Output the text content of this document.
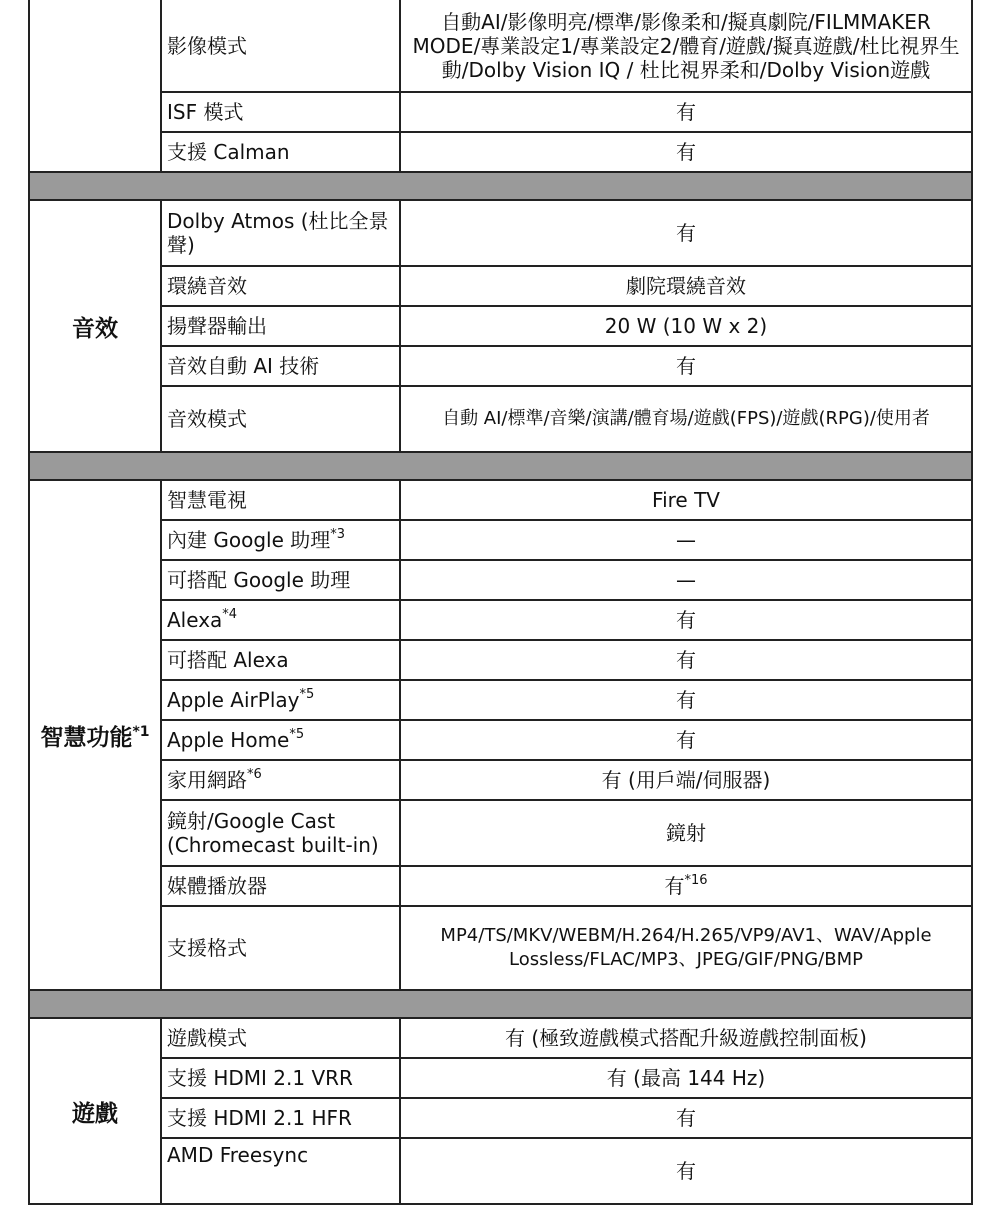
	影像模式	自動AI/影像明亮/標準/影像柔和/擬真劇院/FILMMAKER MODE/專業設定1/專業設定2/體育/遊戲/擬真遊戲/杜比視界生動/Dolby Vision IQ / 杜比視界柔和/Dolby Vision遊戲
	ISF 模式	有
	支援 Calman	有

音效	Dolby Atmos (杜比全景聲)	有
	環繞音效	劇院環繞音效
	揚聲器輸出	20 W (10 W x 2)
	音效自動 AI 技術	有
	音效模式	自動 AI/標準/音樂/演講/體育場/遊戲(FPS)/遊戲(RPG)/使用者

智慧功能$^{*1}$	智慧電視	Fire TV
	內建 Google 助理$^{*3}$	—
	可搭配 Google 助理	—
	Alexa$^{*4}$	有
	可搭配 Alexa	有
	Apple AirPlay$^{*5}$	有
	Apple Home$^{*5}$	有
	家用網路$^{*6}$	有 (用戶端/伺服器)
	鏡射/Google Cast (Chromecast built-in)	鏡射
	媒體播放器	有$^{*16}$
	支援格式	MP4/TS/MKV/WEBM/H.264/H.265/VP9/AV1、WAV/Apple Lossless/FLAC/MP3、JPEG/GIF/PNG/BMP

遊戲	遊戲模式	有 (極致遊戲模式搭配升級遊戲控制面板)
	支援 HDMI 2.1 VRR	有 (最高 144 Hz)
	支援 HDMI 2.1 HFR	有
	AMD Freesync	有
